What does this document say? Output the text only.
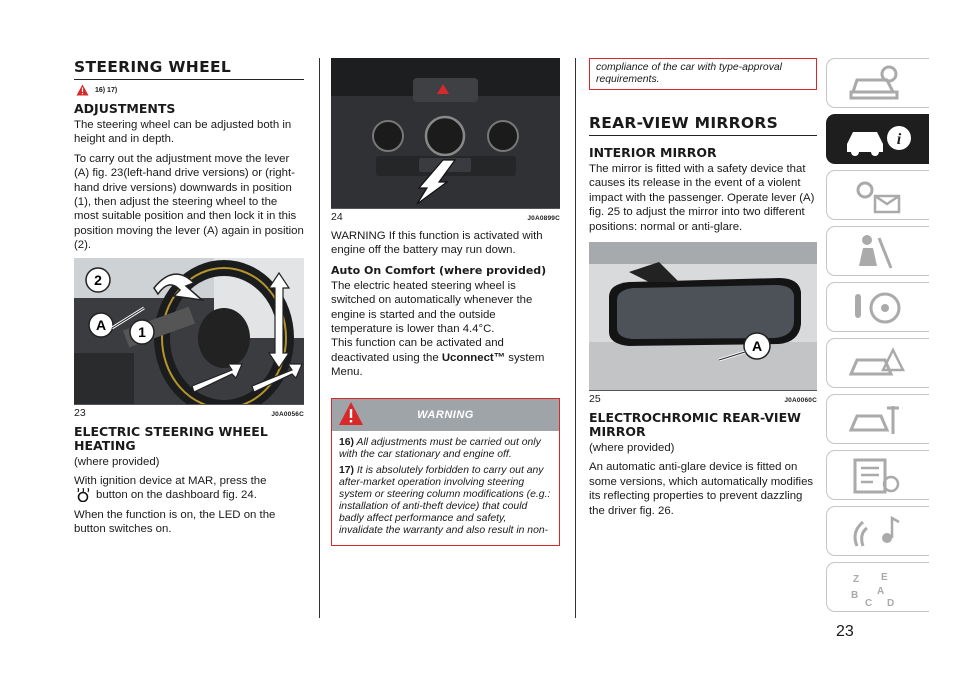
STEERING WHEEL
16) 17)
ADJUSTMENTS

The steering wheel can be adjusted both in height and in depth.

To carry out the adjustment move the lever (A) fig. 23(left-hand drive versions) or (right-hand drive versions) downwards in position (1), then adjust the steering wheel to the most suitable position and then lock it in this position moving the lever (A) again in position (2).

2
A 1
23	J0A0056C
ELECTRIC STEERING WHEEL HEATING

(where provided)

With ignition device at MAR, press the
button on the dashboard fig. 24.

When the function is on, the LED on the button switches on.

24	J0A0899C

WARNING If this function is activated with engine off the battery may run down.

Auto On Comfort (where provided)

The electric heated steering wheel is switched on automatically whenever the engine is started and the outside temperature is lower than 4.4°C.

This function can be activated and deactivated using the Uconnect™ system Menu.

WARNING
16) All adjustments must be carried out only with the car stationary and engine off.
17) It is absolutely forbidden to carry out any after-market operation involving steering system or steering column modifications (e.g.: installation of anti-theft device) that could badly affect performance and safety, invalidate the warranty and also result in non-
compliance of the car with type-approval requirements.
REAR-VIEW MIRRORS
INTERIOR MIRROR

The mirror is fitted with a safety device that causes its release in the event of a violent impact with the passenger. Operate lever (A) fig. 25 to adjust the mirror into two different positions: normal or anti-glare.

A
25	J0A0060C
ELECTROCHROMIC REAR-VIEW MIRROR

(where provided)

An automatic anti-glare device is fitted on some versions, which automatically modifies its reflecting properties to prevent dazzling the driver fig. 26.

i
Z E
B A
C D
23
